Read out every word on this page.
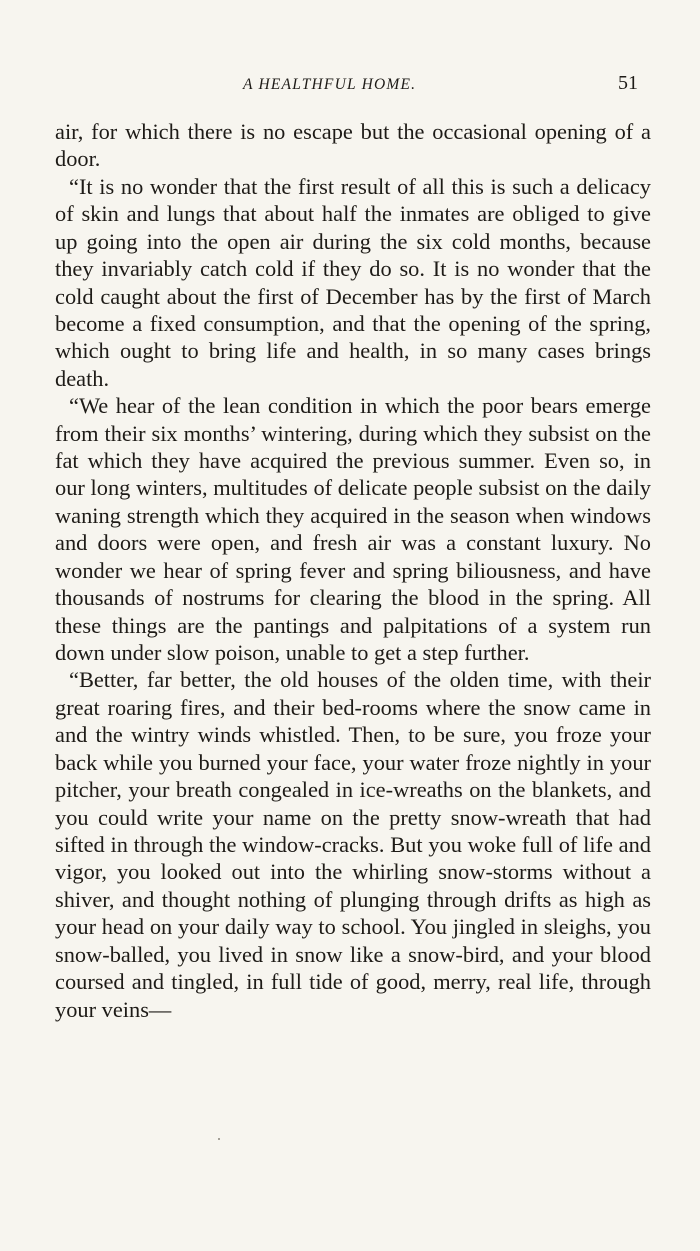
A HEALTHFUL HOME.	51

air, for which there is no escape but the occasional opening of a door.

“It is no wonder that the first result of all this is such a delicacy of skin and lungs that about half the inmates are obliged to give up going into the open air during the six cold months, because they invariably catch cold if they do so. It is no wonder that the cold caught about the first of December has by the first of March become a fixed consumption, and that the opening of the spring, which ought to bring life and health, in so many cases brings death.

“We hear of the lean condition in which the poor bears emerge from their six months’ wintering, during which they subsist on the fat which they have acquired the previous summer. Even so, in our long winters, multitudes of delicate people subsist on the daily waning strength which they acquired in the season when windows and doors were open, and fresh air was a constant luxury. No wonder we hear of spring fever and spring biliousness, and have thousands of nostrums for clearing the blood in the spring. All these things are the pantings and palpitations of a system run down under slow poison, unable to get a step further.

“Better, far better, the old houses of the olden time, with their great roaring fires, and their bed-rooms where the snow came in and the wintry winds whistled. Then, to be sure, you froze your back while you burned your face, your water froze nightly in your pitcher, your breath congealed in ice-wreaths on the blankets, and you could write your name on the pretty snow-wreath that had sifted in through the window-cracks. But you woke full of life and vigor, you looked out into the whirling snow-storms without a shiver, and thought nothing of plunging through drifts as high as your head on your daily way to school. You jingled in sleighs, you snow-balled, you lived in snow like a snow-bird, and your blood coursed and tingled, in full tide of good, merry, real life, through your veins—
